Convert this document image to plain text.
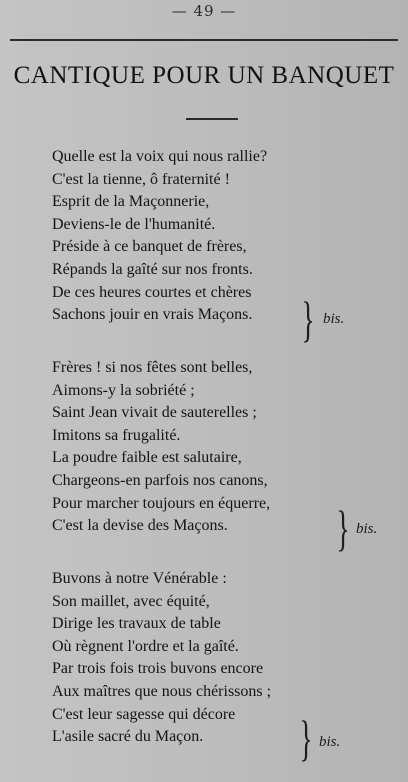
— 49 —
CANTIQUE POUR UN BANQUET
Quelle est la voix qui nous rallie?
C'est la tienne, ô fraternité !
Esprit de la Maçonnerie,
Deviens-le de l'humanité.
Préside à ce banquet de frères,
Répands la gaîté sur nos fronts.
De ces heures courtes et chères
Sachons jouir en vrais Maçons. } bis.
Frères ! si nos fêtes sont belles,
Aimons-y la sobriété ;
Saint Jean vivait de sauterelles ;
Imitons sa frugalité.
La poudre faible est salutaire,
Chargeons-en parfois nos canons,
Pour marcher toujours en équerre,
C'est la devise des Maçons.	} bis.
Buvons à notre Vénérable :
Son maillet, avec équité,
Dirige les travaux de table
Où règnent l'ordre et la gaîté.
Par trois fois trois buvons encore
Aux maîtres que nous chérissons ;
C'est leur sagesse qui décore
L'asile sacré du Maçon.	} bis.
